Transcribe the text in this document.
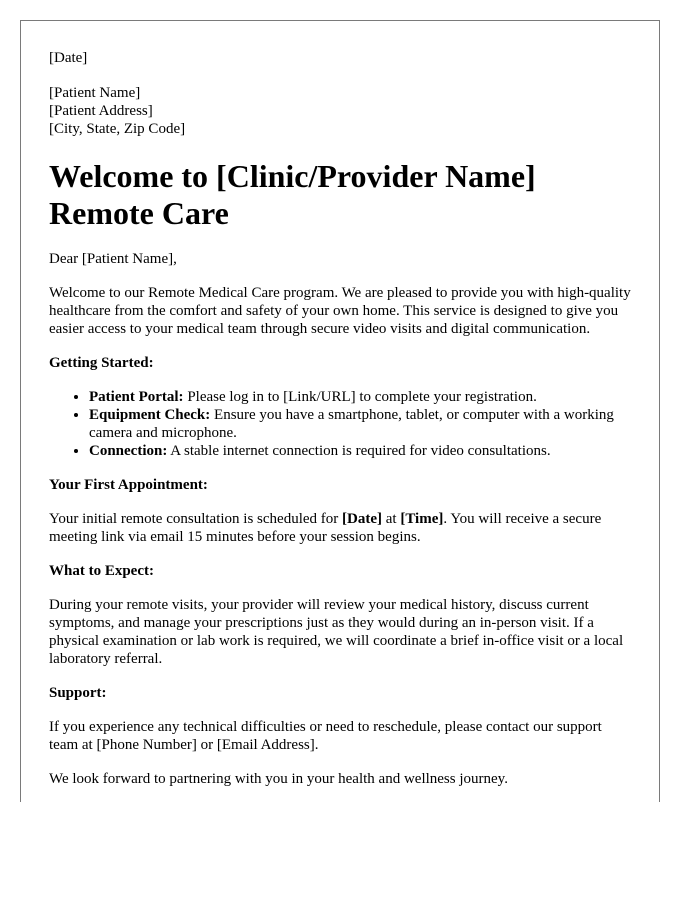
[Date]

[Patient Name]
[Patient Address]
[City, State, Zip Code]
Welcome to [Clinic/Provider Name] Remote Care

Dear [Patient Name],

Welcome to our Remote Medical Care program. We are pleased to provide you with high-quality healthcare from the comfort and safety of your own home. This service is designed to give you easier access to your medical team through secure video visits and digital communication.

Getting Started:

• Patient Portal: Please log in to [Link/URL] to complete your registration.
• Equipment Check: Ensure you have a smartphone, tablet, or computer with a working camera and microphone.
• Connection: A stable internet connection is required for video consultations.

Your First Appointment:

Your initial remote consultation is scheduled for [Date] at [Time]. You will receive a secure meeting link via email 15 minutes before your session begins.

What to Expect:

During your remote visits, your provider will review your medical history, discuss current symptoms, and manage your prescriptions just as they would during an in-person visit. If a physical examination or lab work is required, we will coordinate a brief in-office visit or a local laboratory referral.

Support:

If you experience any technical difficulties or need to reschedule, please contact our support team at [Phone Number] or [Email Address].

We look forward to partnering with you in your health and wellness journey.
